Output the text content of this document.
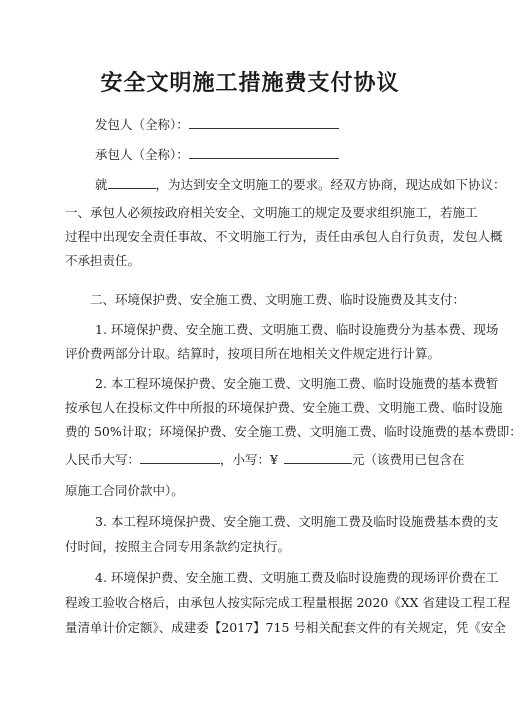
安全文明施工措施费支付协议
发包人（全称）：
承包人（全称）：
就	，为达到安全文明施工的要求。经双方协商，现达成如下协议：
一、承包人必须按政府相关安全、文明施工的规定及要求组织施工，若施工
过程中出现安全责任事故、不文明施工行为，责任由承包人自行负责，发包人概
不承担责任。
二、环境保护费、安全施工费、文明施工费、临时设施费及其支付：
1. 环境保护费、安全施工费、文明施工费、临时设施费分为基本费、现场
评价费两部分计取。结算时，按项目所在地相关文件规定进行计算。
2. 本工程环境保护费、安全施工费、文明施工费、临时设施费的基本费暂
按承包人在投标文件中所报的环境保护费、安全施工费、文明施工费、临时设施
费的 50%计取；环境保护费、安全施工费、文明施工费、临时设施费的基本费即：
人民币大写：	，小写：¥	元（该费用已包含在
原施工合同价款中）。
3. 本工程环境保护费、安全施工费、文明施工费及临时设施费基本费的支
付时间，按照主合同专用条款约定执行。
4. 环境保护费、安全施工费、文明施工费及临时设施费的现场评价费在工
程竣工验收合格后，由承包人按实际完成工程量根据 2020《XX 省建设工程工程
量清单计价定额》、成建委【2017】715 号相关配套文件的有关规定，凭《安全
